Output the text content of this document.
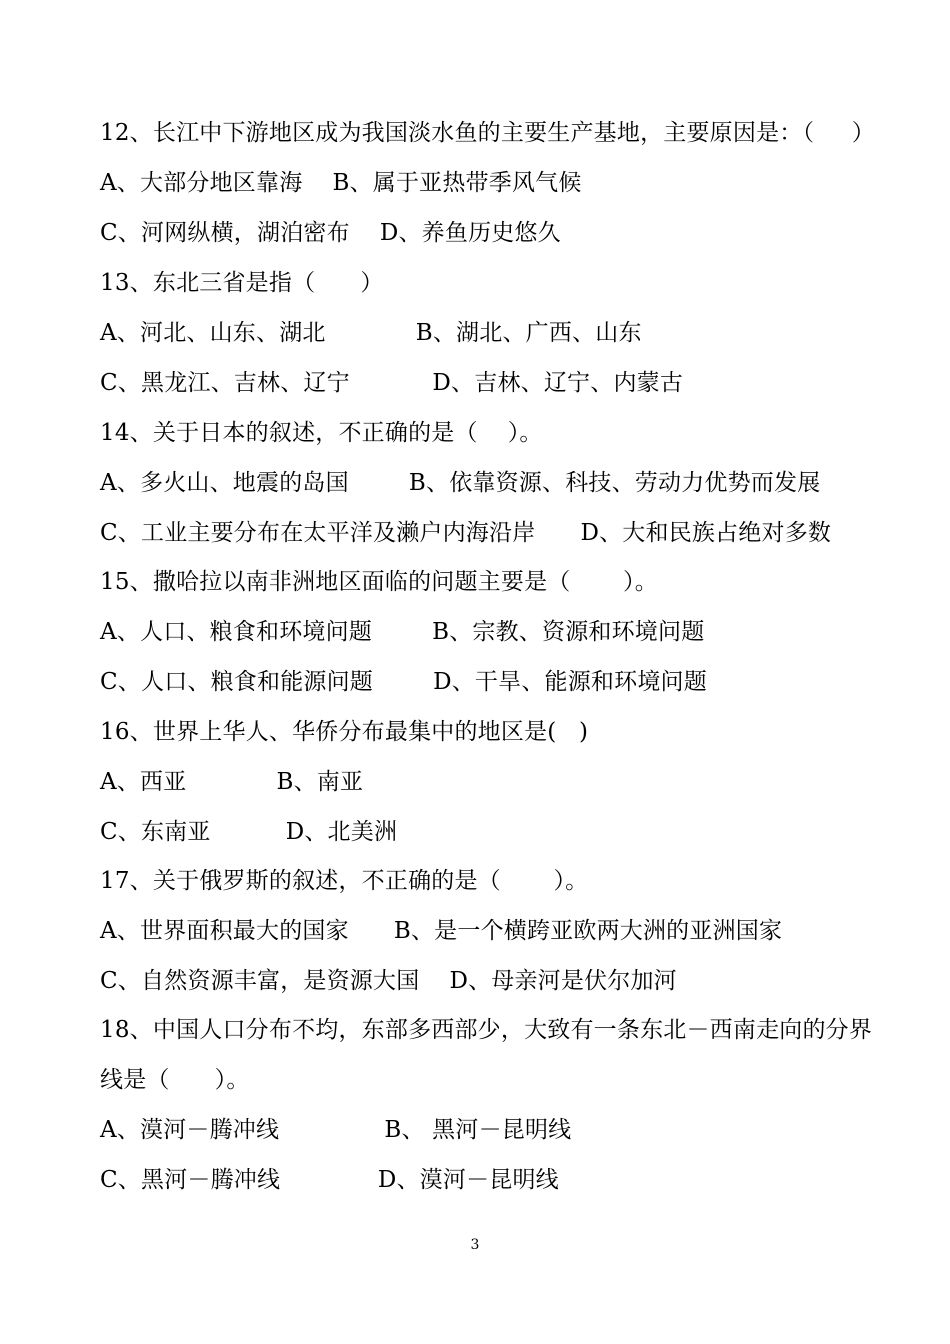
12、长江中下游地区成为我国淡水鱼的主要生产基地，主要原因是：（     ）
A、大部分地区靠海    B、属于亚热带季风气候
C、河网纵横，湖泊密布    D、养鱼历史悠久
13、东北三省是指（      ）
A、河北、山东、湖北            B、湖北、广西、山东
C、黑龙江、吉林、辽宁           D、吉林、辽宁、内蒙古
14、关于日本的叙述，不正确的是（    ）。
A、多火山、地震的岛国        B、依靠资源、科技、劳动力优势而发展
C、工业主要分布在太平洋及濑户内海沿岸      D、大和民族占绝对多数
15、撒哈拉以南非洲地区面临的问题主要是（       ）。
A、人口、粮食和环境问题        B、宗教、资源和环境问题
C、人口、粮食和能源问题        D、干旱、能源和环境问题
16、世界上华人、华侨分布最集中的地区是(   )
A、西亚            B、南亚
C、东南亚          D、北美洲
17、关于俄罗斯的叙述，不正确的是（       ）。
A、世界面积最大的国家      B、是一个横跨亚欧两大洲的亚洲国家
C、自然资源丰富，是资源大国    D、母亲河是伏尔加河
18、中国人口分布不均，东部多西部少，大致有一条东北－西南走向的分界
线是（      ）。
A、漠河－腾冲线              B、 黑河－昆明线
C、黑河－腾冲线             D、漠河－昆明线
3
